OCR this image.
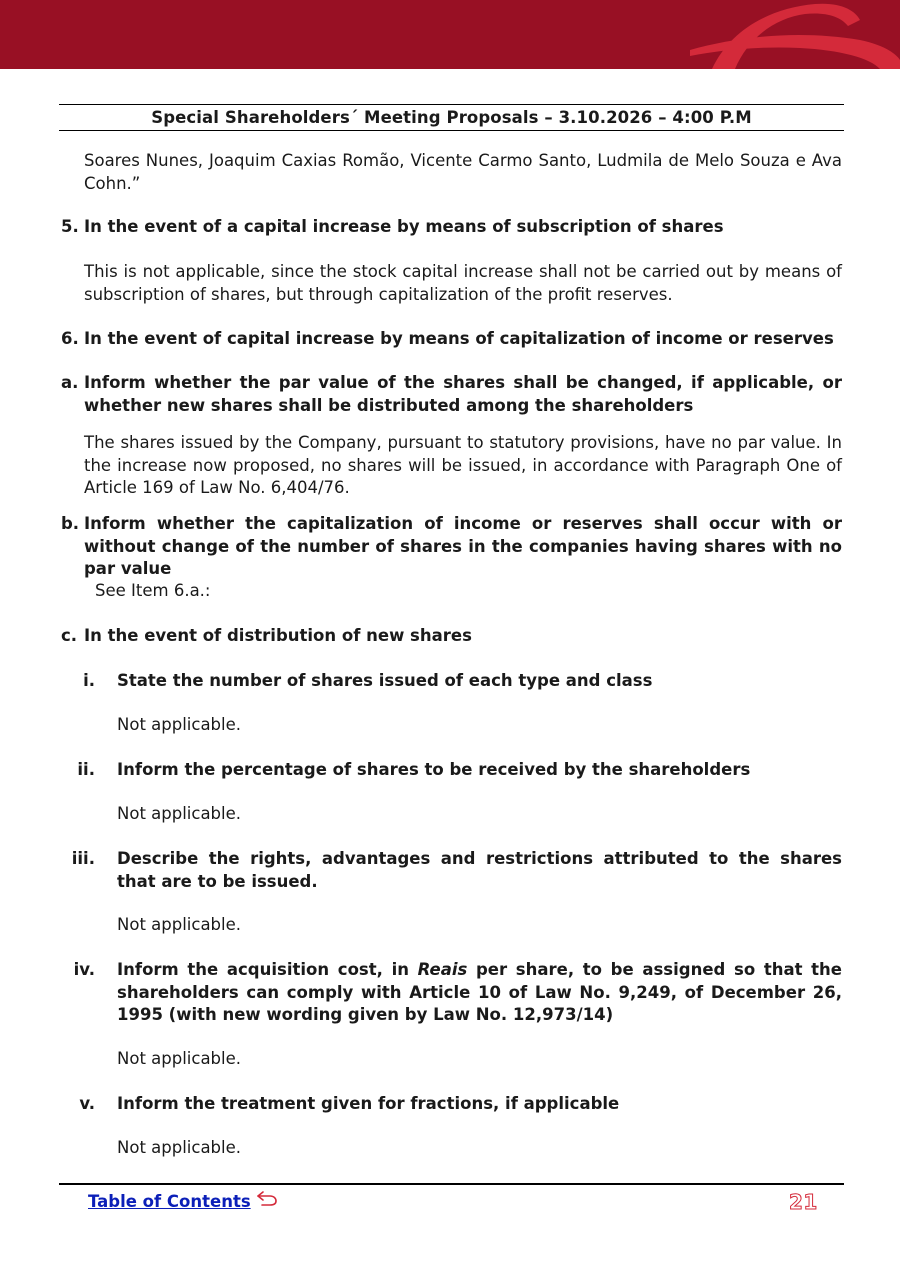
Special Shareholders´ Meeting Proposals – 3.10.2026 – 4:00 P.M
Soares Nunes, Joaquim Caxias Romão, Vicente Carmo Santo, Ludmila de Melo Souza e Ava Cohn.”
5. In the event of a capital increase by means of subscription of shares
This is not applicable, since the stock capital increase shall not be carried out by means of subscription of shares, but through capitalization of the profit reserves.
6. In the event of capital increase by means of capitalization of income or reserves
a. Inform whether the par value of the shares shall be changed, if applicable, or whether new shares shall be distributed among the shareholders
The shares issued by the Company, pursuant to statutory provisions, have no par value. In the increase now proposed, no shares will be issued, in accordance with Paragraph One of Article 169 of Law No. 6,404/76.
b. Inform whether the capitalization of income or reserves shall occur with or without change of the number of shares in the companies having shares with no par value
See Item 6.a.:
c. In the event of distribution of new shares
i. State the number of shares issued of each type and class
Not applicable.
ii. Inform the percentage of shares to be received by the shareholders
Not applicable.
iii. Describe the rights, advantages and restrictions attributed to the shares that are to be issued.
Not applicable.
iv. Inform the acquisition cost, in Reais per share, to be assigned so that the shareholders can comply with Article 10 of Law No. 9,249, of December 26, 1995 (with new wording given by Law No. 12,973/14)
Not applicable.
v. Inform the treatment given for fractions, if applicable
Not applicable.
Table of Contents	21
